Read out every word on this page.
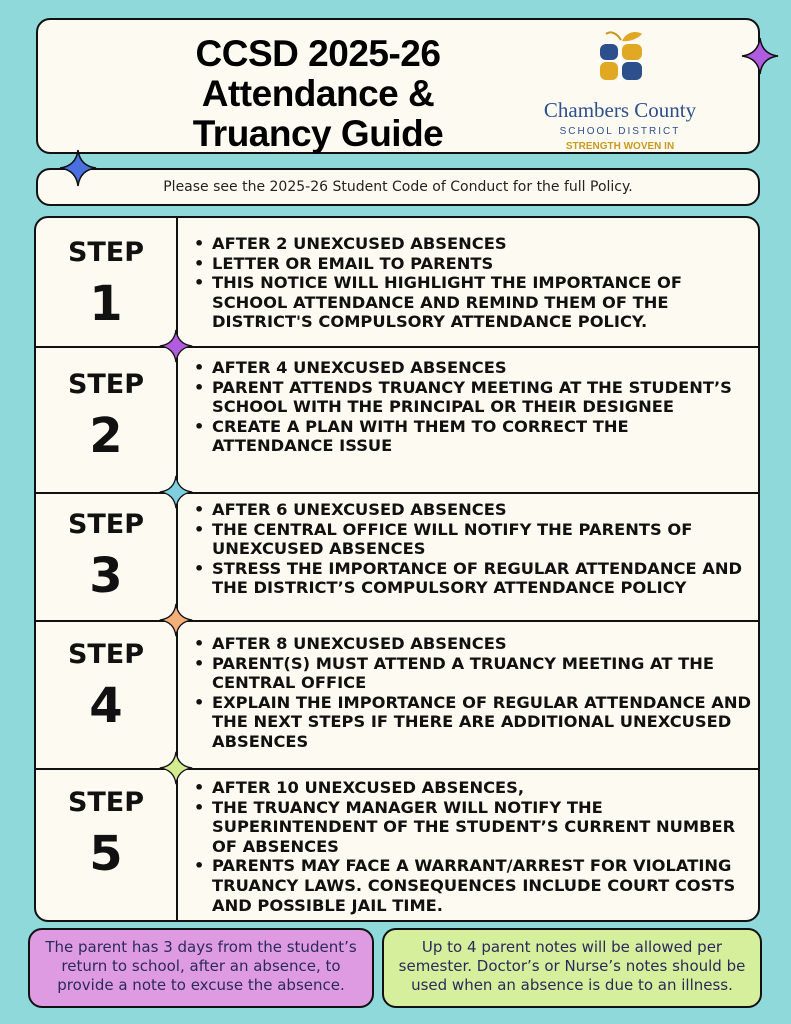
CCSD 2025-26
Attendance &
Truancy Guide
Chambers County
SCHOOL DISTRICT
STRENGTH WOVEN IN
Please see the 2025-26 Student Code of Conduct for the full Policy.
STEP
1
• AFTER 2 UNEXCUSED ABSENCES
• LETTER OR EMAIL TO PARENTS
• THIS NOTICE WILL HIGHLIGHT THE IMPORTANCE OF SCHOOL ATTENDANCE AND REMIND THEM OF THE DISTRICT'S COMPULSORY ATTENDANCE POLICY.
STEP
2
• AFTER 4 UNEXCUSED ABSENCES
• PARENT ATTENDS TRUANCY MEETING AT THE STUDENT’S SCHOOL WITH THE PRINCIPAL OR THEIR DESIGNEE
• CREATE A PLAN WITH THEM TO CORRECT THE ATTENDANCE ISSUE
STEP
3
• AFTER 6 UNEXCUSED ABSENCES
• THE CENTRAL OFFICE WILL NOTIFY THE PARENTS OF UNEXCUSED ABSENCES
• STRESS THE IMPORTANCE OF REGULAR ATTENDANCE AND THE DISTRICT’S COMPULSORY ATTENDANCE POLICY
STEP
4
• AFTER 8 UNEXCUSED ABSENCES
• PARENT(S) MUST ATTEND A TRUANCY MEETING AT THE CENTRAL OFFICE
• EXPLAIN THE IMPORTANCE OF REGULAR ATTENDANCE AND THE NEXT STEPS IF THERE ARE ADDITIONAL UNEXCUSED ABSENCES
STEP
5
• AFTER 10 UNEXCUSED ABSENCES,
• THE TRUANCY MANAGER WILL NOTIFY THE SUPERINTENDENT OF THE STUDENT’S CURRENT NUMBER OF ABSENCES
• PARENTS MAY FACE A WARRANT/ARREST FOR VIOLATING TRUANCY LAWS. CONSEQUENCES INCLUDE COURT COSTS AND POSSIBLE JAIL TIME.
The parent has 3 days from the student’s return to school, after an absence, to provide a note to excuse the absence.
Up to 4 parent notes will be allowed per semester. Doctor’s or Nurse’s notes should be used when an absence is due to an illness.
